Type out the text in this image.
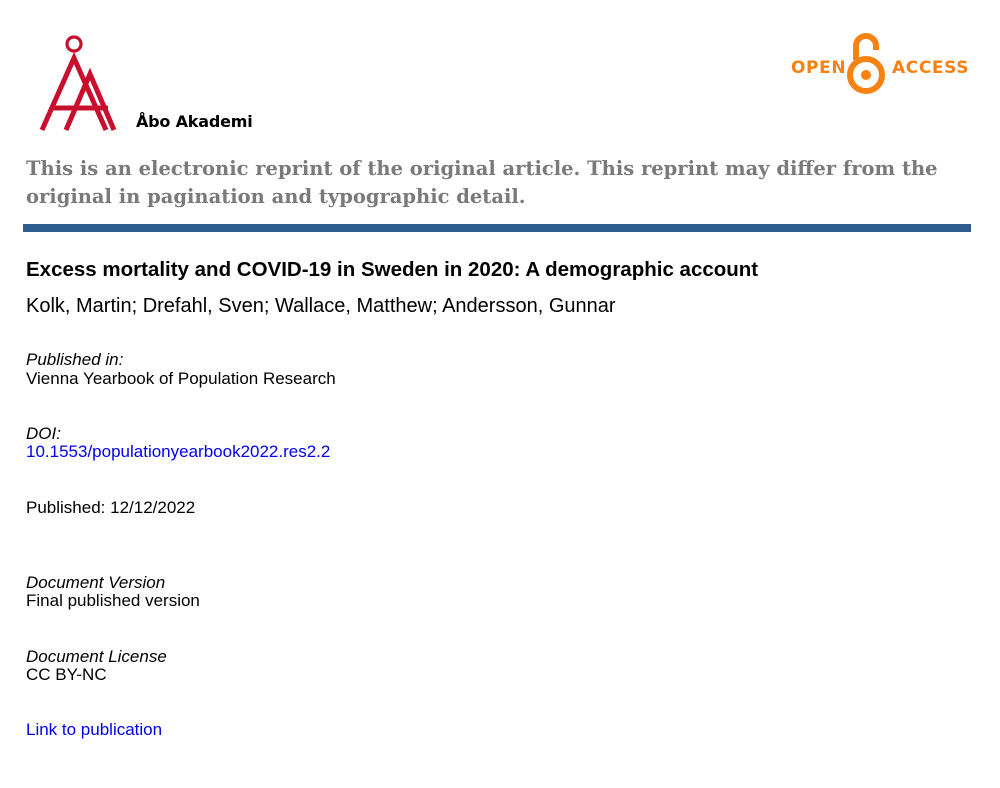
Åbo Akademi
OPEN	ACCESS

This is an electronic reprint of the original article. This reprint may differ from the original in pagination and typographic detail.

Excess mortality and COVID-19 in Sweden in 2020: A demographic account

Kolk, Martin; Drefahl, Sven; Wallace, Matthew; Andersson, Gunnar

Published in:
Vienna Yearbook of Population Research
DOI:
10.1553/populationyearbook2022.res2.2
Published: 12/12/2022
Document Version
Final published version
Document License
CC BY-NC
Link to publication
